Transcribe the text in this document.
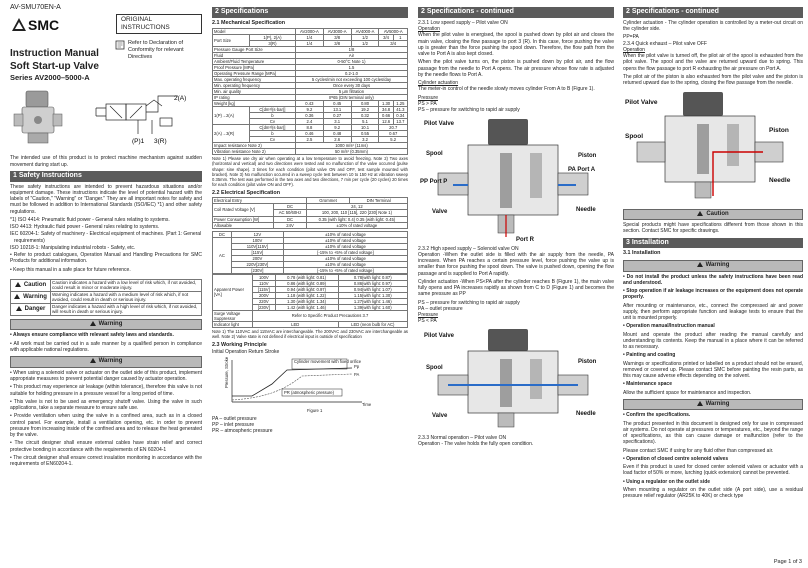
AV-SMU70EN-A
SMC	ORIGINAL INSTRUCTIONS
Instruction Manual
Soft Start-up Valve
Series AV2000–5000-A
Refer to Declaration of Conformity for relevant Directives
2(A)
(P)1 3(R)

The intended use of this product is to protect machine mechanism against sudden movement during start up.

1 Safety Instructions

These safety instructions are intended to prevent hazardous situations and/or equipment damage. These instructions indicate the level of potential hazard with the labels of "Caution," "Warning" or "Danger." They are all important notes for safety and must be followed in addition to International Standards (ISO/IEC) *1) and other safety regulations.

*1) ISO 4414: Pneumatic fluid power - General rules relating to systems.
ISO 4413: Hydraulic fluid power - General rules relating to systems.
IEC 60204-1: Safety of machinery - Electrical equipment of machines. (Part 1: General requirements)
ISO 10218-1: Manipulating industrial robots - Safety, etc.

• Refer to product catalogues, Operation Manual and Handling Precautions for SMC Products for additional information.

• Keep this manual in a safe place for future reference.

Caution	Caution indicates a hazard with a low level of risk which, if not avoided, could result in minor or moderate injury.
Warning	Warning indicates a hazard with a medium level of risk which, if not avoided, could result in death or serious injury.
Danger	Danger indicates a hazard with a high level of risk which, if not avoided, will result in death or serious injury.
Warning

• Always ensure compliance with relevant safety laws and standards.

• All work must be carried out in a safe manner by a qualified person in compliance with applicable national regulations.

Warning

• When using a solenoid valve or actuator on the outlet side of this product, implement appropriate measures to prevent potential danger caused by actuator operation.

• This product may experience air leakage (within tolerance), therefore this valve is not suitable for holding pressure in a pressure vessel for a long period of time.

• This valve is not to be used as emergency shutoff valve. Using the valve in such applications, take a separate measure to ensure safe use.

• Provide ventilation when using the valve in a confined area, such as in a closed control panel. For example, install a ventilation opening, etc. in order to prevent pressure from increasing inside of the confined area and to release the heat generated by the valve.

• The circuit designer shall ensure external cables have strain relief and correct protective bonding in accordance with the requirements of EN 60204-1

• The circuit designer shall ensure correct insulation monitoring in accordance with the requirements of EN60204-1.

2 Specifications
2.1 Mechanical Specification
Model		AV2000-A	AV3000-A	AV4000-A	AV5000-A	
Port Size	1(P), 2(A)	1/4	3/8	1/2	3/4	1
	3(R)	1/4	3/8	1/2	3/4	
Pressure Gauge Port Size		1/8				
Fluid		Air				
Ambient/Fluid Temperature		0-50°C Note 1)				
Proof Pressure [MPa]		1.5				
Operating Pressure Range [MPa]		0.2-1.0				
Max. operating frequency		5 cycles/min not exceeding 100 cycles/day				
Min. operating frequency		Once every 30 days				
Min. air quality		5 µm filtration				
IP rating		IP65 (DIN terminal only)				
Weight [kg]		0.43	0.45	0.80	1.30	1.25
1(P)→2(A)	C[dm³/(s·bar)]	9.2	13.1	19.2	34.8	41.3
	b	0.36	0.27	0.32	0.66	0.34
	Cv	2.4	3.1	5.1	12.6	13.7
2(A)→3(R)	C[dm³/(s·bar)]	8.8	9.2	10.1	20.7	
	b	0.46	0.48	0.55	0.67	
	Cv	2.5	2.6	3.2	5.2	
Impact resistance Note 2)		1000 m/s² (11ms)				
Vibration resistance Note 2)		50 m/s² (0.35mm)				

Note 1) Please use dry air when operating at a low temperature to avoid freezing. Note 2) Two axes (horizontal and vertical) and two directions were tested and no malfunction of the valve occurred (pulse shape: sine shape). 3 times for each condition (pilot valve ON and OFF, test sample mounted with bracket). Note 3) No malfunction occurred in a sweep cycle test between 10 to 150 Hz at vibration sweep 0.35mm. The test was performed in the two axes and two directions, 7 min per cycle (20 cycles) 20 times for each condition (pilot valve ON and OFF).

2.2 Electrical Specification
Electrical Entry		Grommet	DIN Terminal
Coil Rated Voltage [V]	DC	24, 12	
	AC 50/60Hz	100, 200, 110 [115], 220 [230] Note 1)	
Power Consumption [W]	DC	0.35 (with light: 0.4) 0.35 (with light: 0.45)	
Allowable	24V	±10% of rated voltage	
DC	12V	±10% of rated voltage
AC	100V	±10% of rated voltage
	110V[115V]	±10% of rated voltage
	[115V]	[-15% to +5% of rated voltage]
	200V	±10% of rated voltage
	220V[230V]	±10% of rated voltage
	[230V]	[-15% to +5% of rated voltage]
Apparent Power [VA]	100V	0.78 (with light: 0.81)	0.78(with light: 0.87)
	110V	0.86 (with light: 0.89)	0.86(with light: 0.97)
	[115V]	0.94 (with light: 0.97)	0.94(with light: 1.07)
	200V	1.18 (with light: 1.22)	1.15(with light: 1.30)
	220V	1.30 (with light: 1.34)	1.27(with light: 1.46)
	[230V]	1.42 (with light: 1.46)	1.39(with light: 1.60)
Surge Voltage Suppressor	Refer to Specific Product Precautions 3.7		
Indicator light	LED		LED (neon bulb for AC)

Note 1) The 110VAC and 115VAC are interchangeable. The 200VAC and 230VAC are interchangeable as well. Note 2) Valve state is not defined if electrical input is outside of specification

2.3 Working Principle
Initial Operation Return Stroke
Pressure, Stroke	Cylinder movement with fixed orifice
Pp
PA
PR (atmospheric pressure)
Time
Figure 1
PA – outlet pressure
PP – inlet pressure
PR – atmospheric pressure
2 Specifications - continued
2.3.1 Low speed supply – Pilot valve ON
Operation

When the pilot valve is energised, the spool is pushed down by pilot air and closes the main valve, closing the flow passage to port 3 (R). In this case, force pushing the valve up is greater than the force pushing the spool down. Therefore, the flow path from the valve to Port A is also kept closed.

When the pilot valve turns on, the piston is pushed down by pilot air, and the flow passage from the needle to Port A opens. The air pressure whose flow rate is adjusted by the needle flows to Port A.

Cylinder actuation

The meter-in control of the needle slowly moves cylinder From A to B (Figure 1).

Pressure
PS > PA
PS – pressure for switching to rapid air supply
Pilot Valve
Spool	Piston
PP Port P
PA Port A
Valve	Needle
Port R
2.3.2 High speed supply – Solenoid valve ON

Operation -When the outlet side is filled with the air supply from the needle, PA increases. When PA reaches a certain pressure level, force pushing the valve up is smaller than force pushing the spool down. The valve is pushed down, opening the flow passage and is supplied to Port A rapidly.

Cylinder actuation -When PS<PA after the cylinder reaches B (Figure 1), the main valve fully opens and PA increases rapidly as shown from C to D (Figure 1) and becomes the same pressure as PP

PS – pressure for switching to rapid air supply
PA – outlet pressure
Pressure
PS < PA
Pilot Valve
Spool
Piston
Valve	Needle
2.3.3 Normal operation – Pilot valve ON

Operation - The valve holds the fully open condition.

2 Specifications - continued

Cylinder actuation - The cylinder operation is controlled by a meter-out circuit on the cylinder side.

PP=PA
2.3.4 Quick exhaust – Pilot valve OFF
Operation

When the pilot valve is turned off, the pilot air of the spool is exhausted from the pilot valve. The spool and the valve are returned upward due to spring. This opens the flow passage to port R exhausting the air pressure on Port A.

The pilot air of the piston is also exhausted from the pilot valve and the piston is returned upward due to the spring, closing the flow passage from the needle.

Pilot Valve
Spool
Piston
Needle
Caution

Special products might have specifications different from those shown in this section. Contact SMC for specific drawings.

3 Installation
3.1 Installation
Warning

• Do not install the product unless the safety instructions have been read and understood.

• Stop operation if air leakage increases or the equipment does not operate properly.

After mounting or maintenance, etc., connect the compressed air and power supply, then perform appropriate function and leakage tests to ensure that the unit is mounted properly.

• Operation manual/Instruction manual

Mount and operate the product after reading the manual carefully and understanding its contents. Keep the manual in a place where it can be referred to as necessary.

• Painting and coating

Warnings or specifications printed or labelled on a product should not be erased, removed or covered up. Please contact SMC before painting the resin parts, as this may cause adverse effects depending on the solvent.

• Maintenance space

Allow the sufficient space for maintenance and inspection.

Warning

• Confirm the specifications.

The product presented in this document is designed only for use in compressed air systems. Do not operate at pressures or temperatures, etc., beyond the range of specifications, as this can cause damage or malfunction (refer to the specifications).

Please contact SMC if using for any fluid other than compressed air.

• Operation of closed centre solenoid valves

Even if this product is used for closed center solenoid valves or actuator with a load factor of 50% or more, lurching (quick extension) cannot be prevented.

• Using a regulator on the outlet side

When mounting a regulator on the outlet side (A port side), use a residual pressure relief regulator (AR25K to 40K) or check type

Page 1 of 3
